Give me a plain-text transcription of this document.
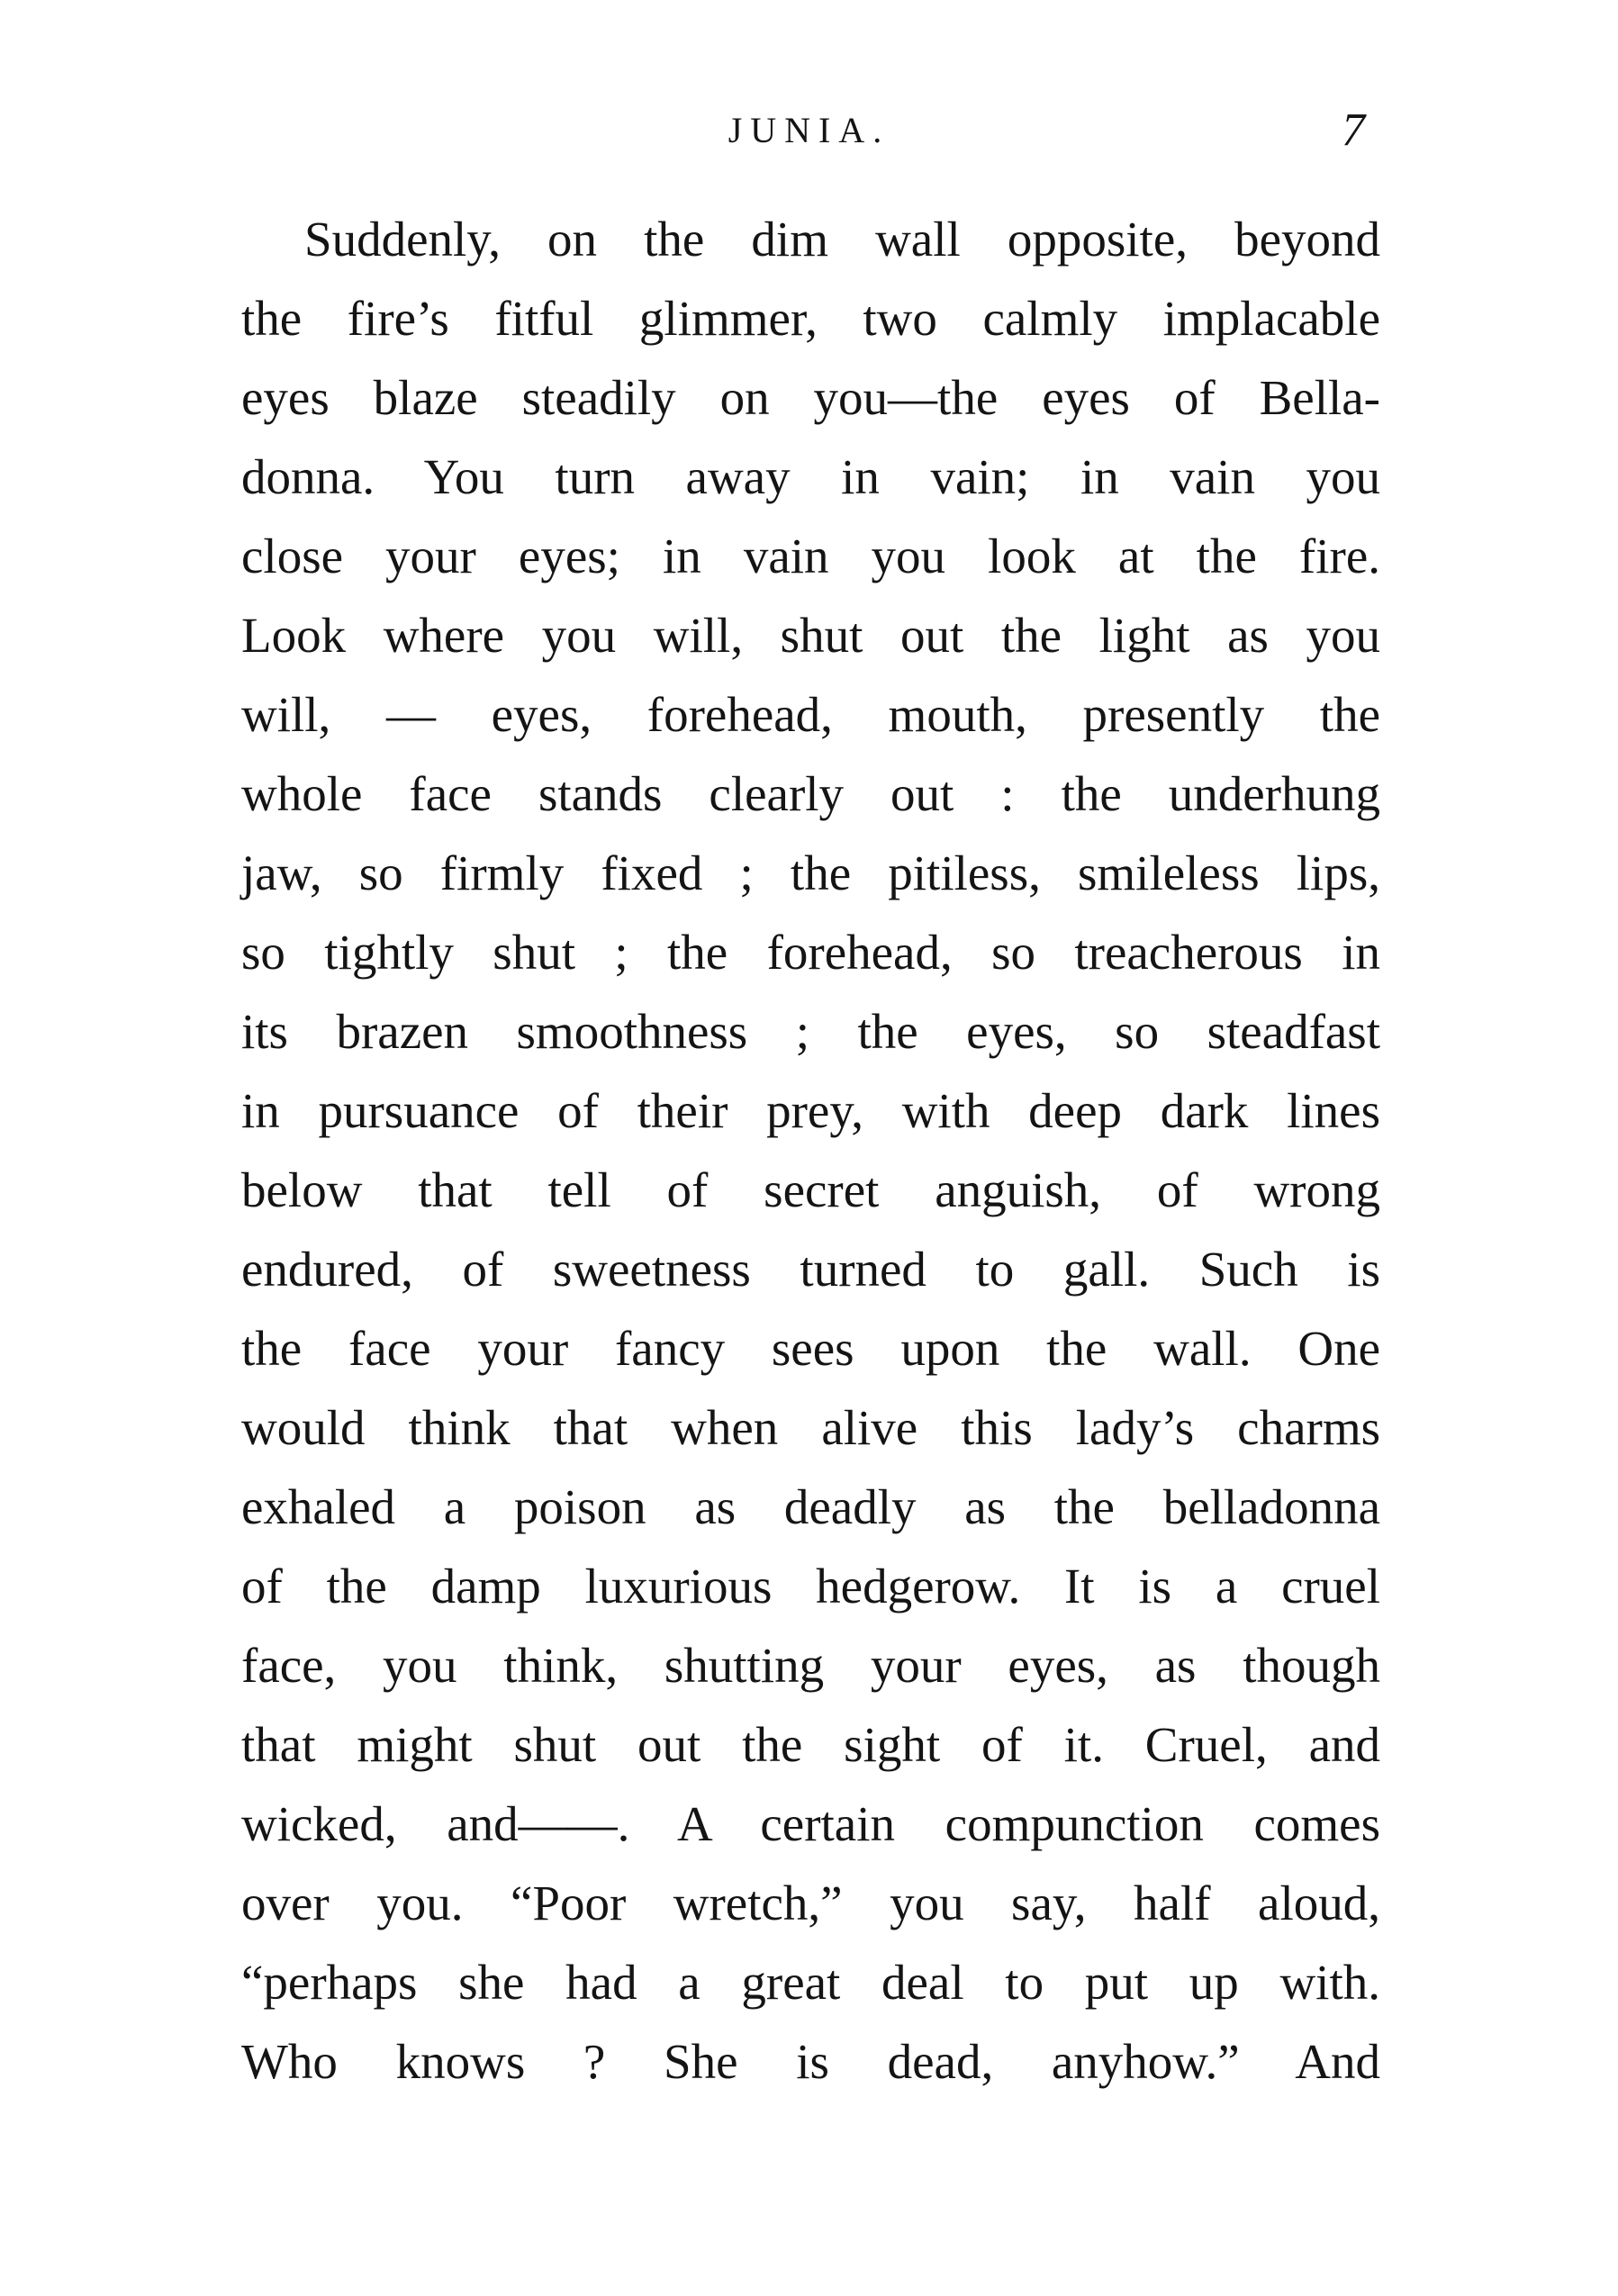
JUNIA.	7
Suddenly, on the dim wall opposite, beyond
the fire’s fitful glimmer, two calmly implacable
eyes blaze steadily on you—the eyes of Bella-
donna. You turn away in vain; in vain you
close your eyes; in vain you look at the fire.
Look where you will, shut out the light as you
will, — eyes, forehead, mouth, presently the
whole face stands clearly out : the underhung
jaw, so firmly fixed ; the pitiless, smileless lips,
so tightly shut ; the forehead, so treacherous in
its brazen smoothness ; the eyes, so steadfast
in pursuance of their prey, with deep dark lines
below that tell of secret anguish, of wrong
endured, of sweetness turned to gall. Such is
the face your fancy sees upon the wall. One
would think that when alive this lady’s charms
exhaled a poison as deadly as the belladonna
of the damp luxurious hedgerow. It is a cruel
face, you think, shutting your eyes, as though
that might shut out the sight of it. Cruel, and
wicked, and——. A certain compunction comes
over you. “Poor wretch,” you say, half aloud,
“perhaps she had a great deal to put up with.
Who knows ? She is dead, anyhow.” And
